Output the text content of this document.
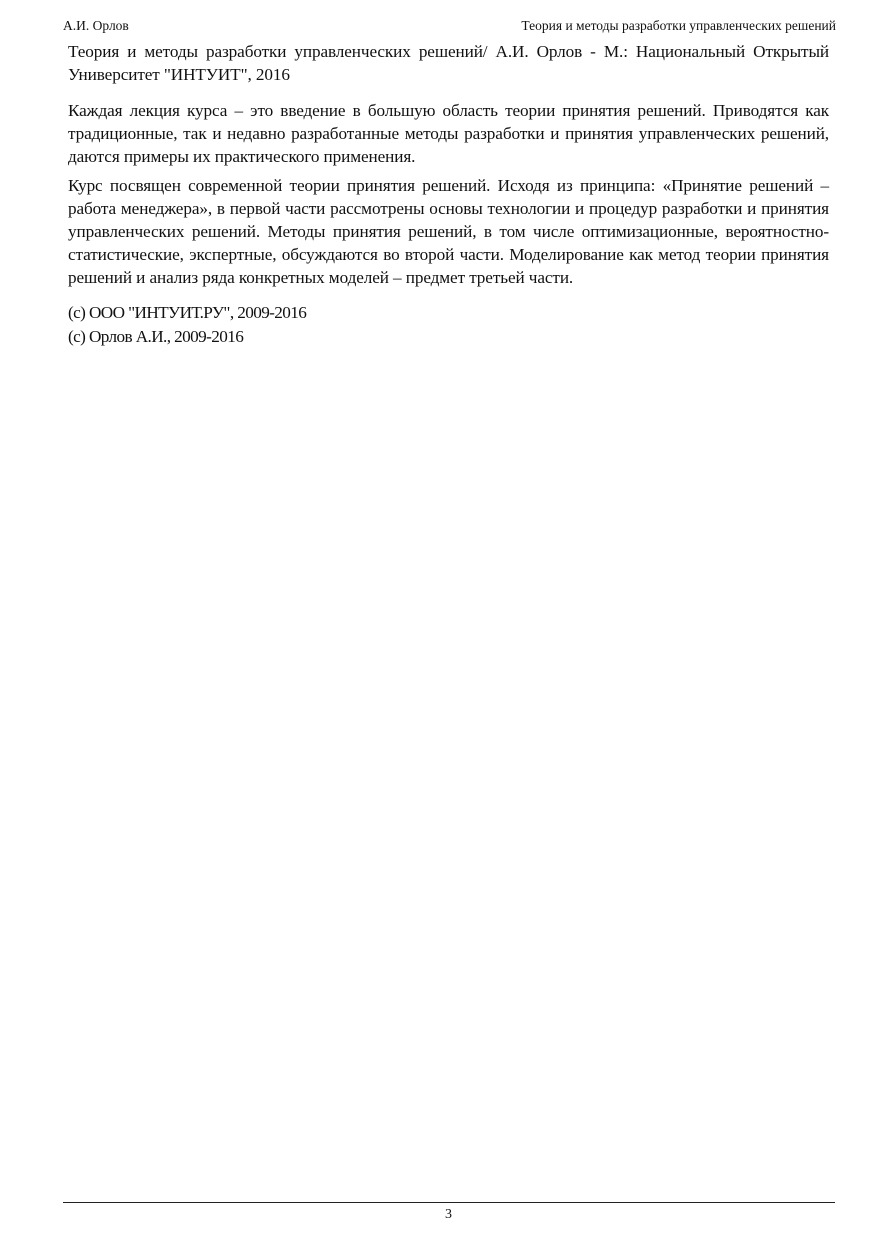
А.И. Орлов	Теория и методы разработки управленческих решений

Теория и методы разработки управленческих решений/ А.И. Орлов - М.: Национальный Открытый Университет "ИНТУИТ", 2016

Каждая лекция курса – это введение в большую область теории принятия решений. Приводятся как традиционные, так и недавно разработанные методы разработки и принятия управленческих решений, даются примеры их практического применения.

Курс посвящен современной теории принятия решений. Исходя из принципа: «Принятие решений – работа менеджера», в первой части рассмотрены основы технологии и процедур разработки и принятия управленческих решений. Методы принятия решений, в том числе оптимизационные, вероятностно-статистические, экспертные, обсуждаются во второй части. Моделирование как метод теории принятия решений и анализ ряда конкретных моделей – предмет третьей части.

(c) ООО "ИНТУИТ.РУ", 2009-2016

(c) Орлов А.И., 2009-2016

3
